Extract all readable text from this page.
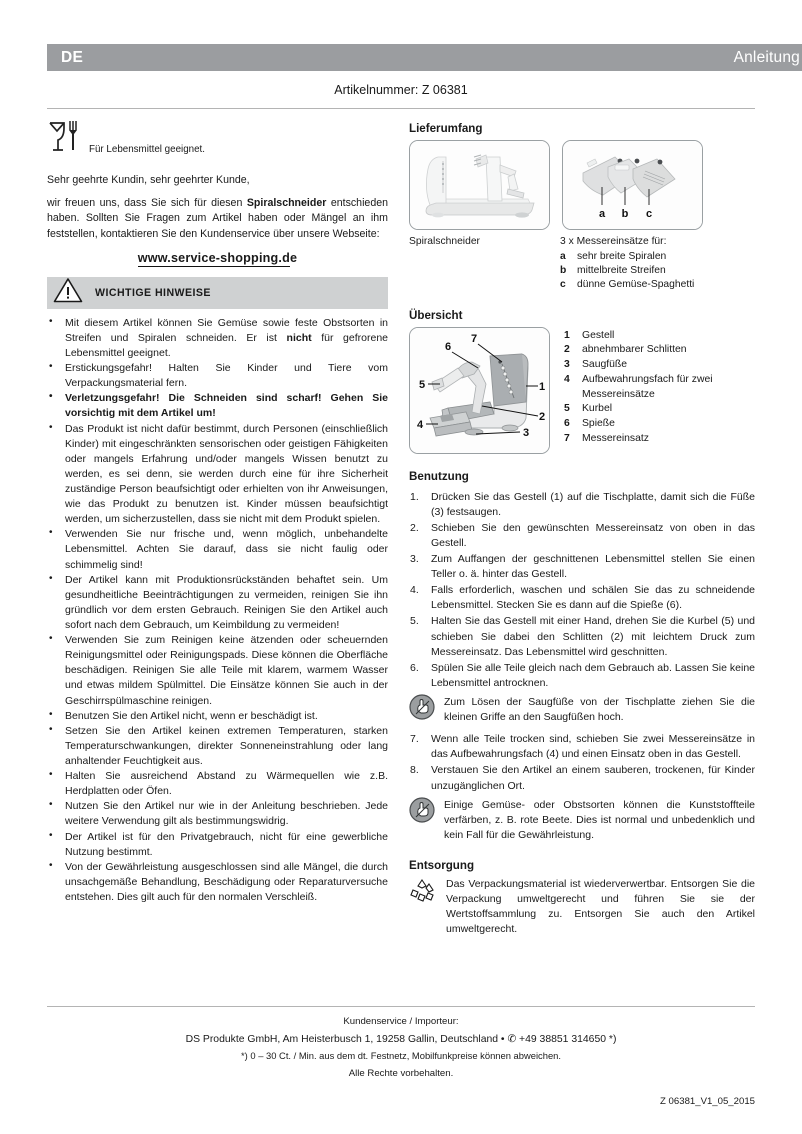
DE	Anleitung
Artikelnummer: Z 06381
Für Lebensmittel geeignet.
Sehr geehrte Kundin, sehr geehrter Kunde,
wir freuen uns, dass Sie sich für diesen Spiralschneider entschieden haben. Sollten Sie Fragen zum Artikel haben oder Mängel an ihm feststellen, kontaktieren Sie den Kundenservice über unsere Webseite:
www.service-shopping.de
WICHTIGE HINWEISE
• Mit diesem Artikel können Sie Gemüse sowie feste Obstsorten in Streifen und Spiralen schneiden. Er ist nicht für gefrorene Lebensmittel geeignet.
• Erstickungsgefahr! Halten Sie Kinder und Tiere vom Verpackungsmaterial fern.
• Verletzungsgefahr! Die Schneiden sind scharf! Gehen Sie vorsichtig mit dem Artikel um!
• Das Produkt ist nicht dafür bestimmt, durch Personen (einschließlich Kinder) mit eingeschränkten sensorischen oder geistigen Fähigkeiten oder mangels Erfahrung und/oder mangels Wissen benutzt zu werden, es sei denn, sie werden durch eine für ihre Sicherheit zuständige Person beaufsichtigt oder erhielten von ihr Anweisungen, wie das Produkt zu benutzen ist. Kinder müssen beaufsichtigt werden, um sicherzustellen, dass sie nicht mit dem Produkt spielen.
• Verwenden Sie nur frische und, wenn möglich, unbehandelte Lebensmittel. Achten Sie darauf, dass sie nicht faulig oder schimmelig sind!
• Der Artikel kann mit Produktionsrückständen behaftet sein. Um gesundheitliche Beeinträchtigungen zu vermeiden, reinigen Sie ihn gründlich vor dem ersten Gebrauch. Reinigen Sie den Artikel auch sofort nach dem Gebrauch, um Keimbildung zu vermeiden!
• Verwenden Sie zum Reinigen keine ätzenden oder scheuernden Reinigungsmittel oder Reinigungspads. Diese können die Oberfläche beschädigen. Reinigen Sie alle Teile mit klarem, warmem Wasser und etwas mildem Spülmittel. Die Einsätze können Sie auch in der Geschirrspülmaschine reinigen.
• Benutzen Sie den Artikel nicht, wenn er beschädigt ist.
• Setzen Sie den Artikel keinen extremen Temperaturen, starken Temperaturschwankungen, direkter Sonneneinstrahlung oder lang anhaltender Feuchtigkeit aus.
• Halten Sie ausreichend Abstand zu Wärmequellen wie z.B. Herdplatten oder Öfen.
• Nutzen Sie den Artikel nur wie in der Anleitung beschrieben. Jede weitere Verwendung gilt als bestimmungswidrig.
• Der Artikel ist für den Privatgebrauch, nicht für eine gewerbliche Nutzung bestimmt.
• Von der Gewährleistung ausgeschlossen sind alle Mängel, die durch unsachgemäße Behandlung, Beschädigung oder Reparaturversuche entstehen. Dies gilt auch für den normalen Verschleiß.
Lieferumfang
a b c
Spiralschneider	3 x Messereinsätze für:
a	sehr breite Spiralen
b	mittelbreite Streifen
c	dünne Gemüse-Spaghetti
Übersicht
7
6
5	1
2
3
4
1	Gestell
2	abnehmbarer Schlitten
3	Saugfüße
4	Aufbewahrungsfach für zwei
Messereinsätze
5	Kurbel
6	Spieße
7	Messereinsatz
Benutzung
1.	Drücken Sie das Gestell (1) auf die Tischplatte, damit sich die Füße (3) festsaugen.
2.	Schieben Sie den gewünschten Messereinsatz von oben in das Gestell.
3.	Zum Auffangen der geschnittenen Lebensmittel stellen Sie einen Teller o. ä. hinter das Gestell.
4.	Falls erforderlich, waschen und schälen Sie das zu schneidende Lebensmittel. Stecken Sie es dann auf die Spieße (6).
5.	Halten Sie das Gestell mit einer Hand, drehen Sie die Kurbel (5) und schieben Sie dabei den Schlitten (2) mit leichtem Druck zum Messereinsatz. Das Lebensmittel wird geschnitten.
6.	Spülen Sie alle Teile gleich nach dem Gebrauch ab. Lassen Sie keine Lebensmittel antrocknen.
Zum Lösen der Saugfüße von der Tischplatte ziehen Sie die kleinen Griffe an den Saugfüßen hoch.
7.	Wenn alle Teile trocken sind, schieben Sie zwei Messereinsätze in das Aufbewahrungsfach (4) und einen Einsatz oben in das Gestell.
8.	Verstauen Sie den Artikel an einem sauberen, trockenen, für Kinder unzugänglichen Ort.
Einige Gemüse- oder Obstsorten können die Kunststoffteile verfärben, z. B. rote Beete. Dies ist normal und unbedenklich und kein Fall für die Gewährleistung.
Entsorgung
Das Verpackungsmaterial ist wiederverwertbar. Entsorgen Sie die Verpackung umweltgerecht und führen Sie sie der Wertstoffsammlung zu. Entsorgen Sie auch den Artikel umweltgerecht.
Kundenservice / Importeur:
DS Produkte GmbH, Am Heisterbusch 1, 19258 Gallin, Deutschland • ✆ +49 38851 314650 *)
*) 0 – 30 Ct. / Min. aus dem dt. Festnetz, Mobilfunkpreise können abweichen.
Alle Rechte vorbehalten.
Z 06381_V1_05_2015
